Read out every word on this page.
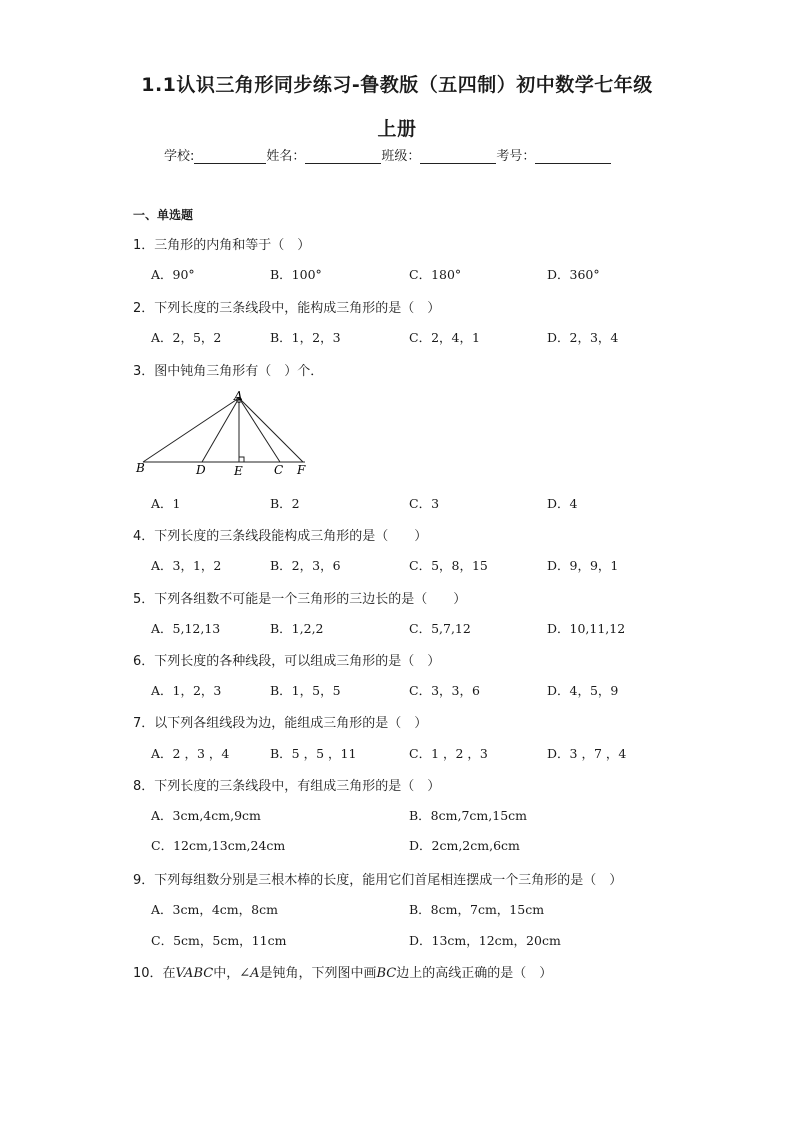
1.1认识三角形同步练习-鲁教版（五四制）初中数学七年级
上册
学校:	姓名：	班级：	考号：
一、单选题
1．三角形的内角和等于（　）
A．90°	B．100°	C．180°	D．360°
2．下列长度的三条线段中，能构成三角形的是（　）
A．2，5，2	B．1，2，3	C．2，4，1	D．2，3，4
3．图中钝角三角形有（　）个．
A
B	D E	C F
A．1	B．2	C．3	D．4
4．下列长度的三条线段能构成三角形的是（　　）
A．3，1，2	B．2，3，6	C．5，8，15	D．9，9，1
5．下列各组数不可能是一个三角形的三边长的是（　　）
A．5,12,13	B．1,2,2	C．5,7,12	D．10,11,12
6．下列长度的各种线段，可以组成三角形的是（　）
A．1，2，3	B．1，5，5	C．3，3，6	D．4，5，9
7．以下列各组线段为边，能组成三角形的是（　）
A．2 ，3 ，4	B．5 ，5 ，11	C．1 ，2 ，3	D．3 ，7 ，4
8．下列长度的三条线段中，有组成三角形的是（　）
A．3cm,4cm,9cm	B．8cm,7cm,15cm
C．12cm,13cm,24cm	D．2cm,2cm,6cm
9．下列每组数分别是三根木棒的长度，能用它们首尾相连摆成一个三角形的是（　）
A．3cm，4cm，8cm	B．8cm，7cm，15cm
C．5cm，5cm，11cm	D．13cm，12cm，20cm
10．在VABC中，∠A是钝角，下列图中画BC边上的高线正确的是（　）
